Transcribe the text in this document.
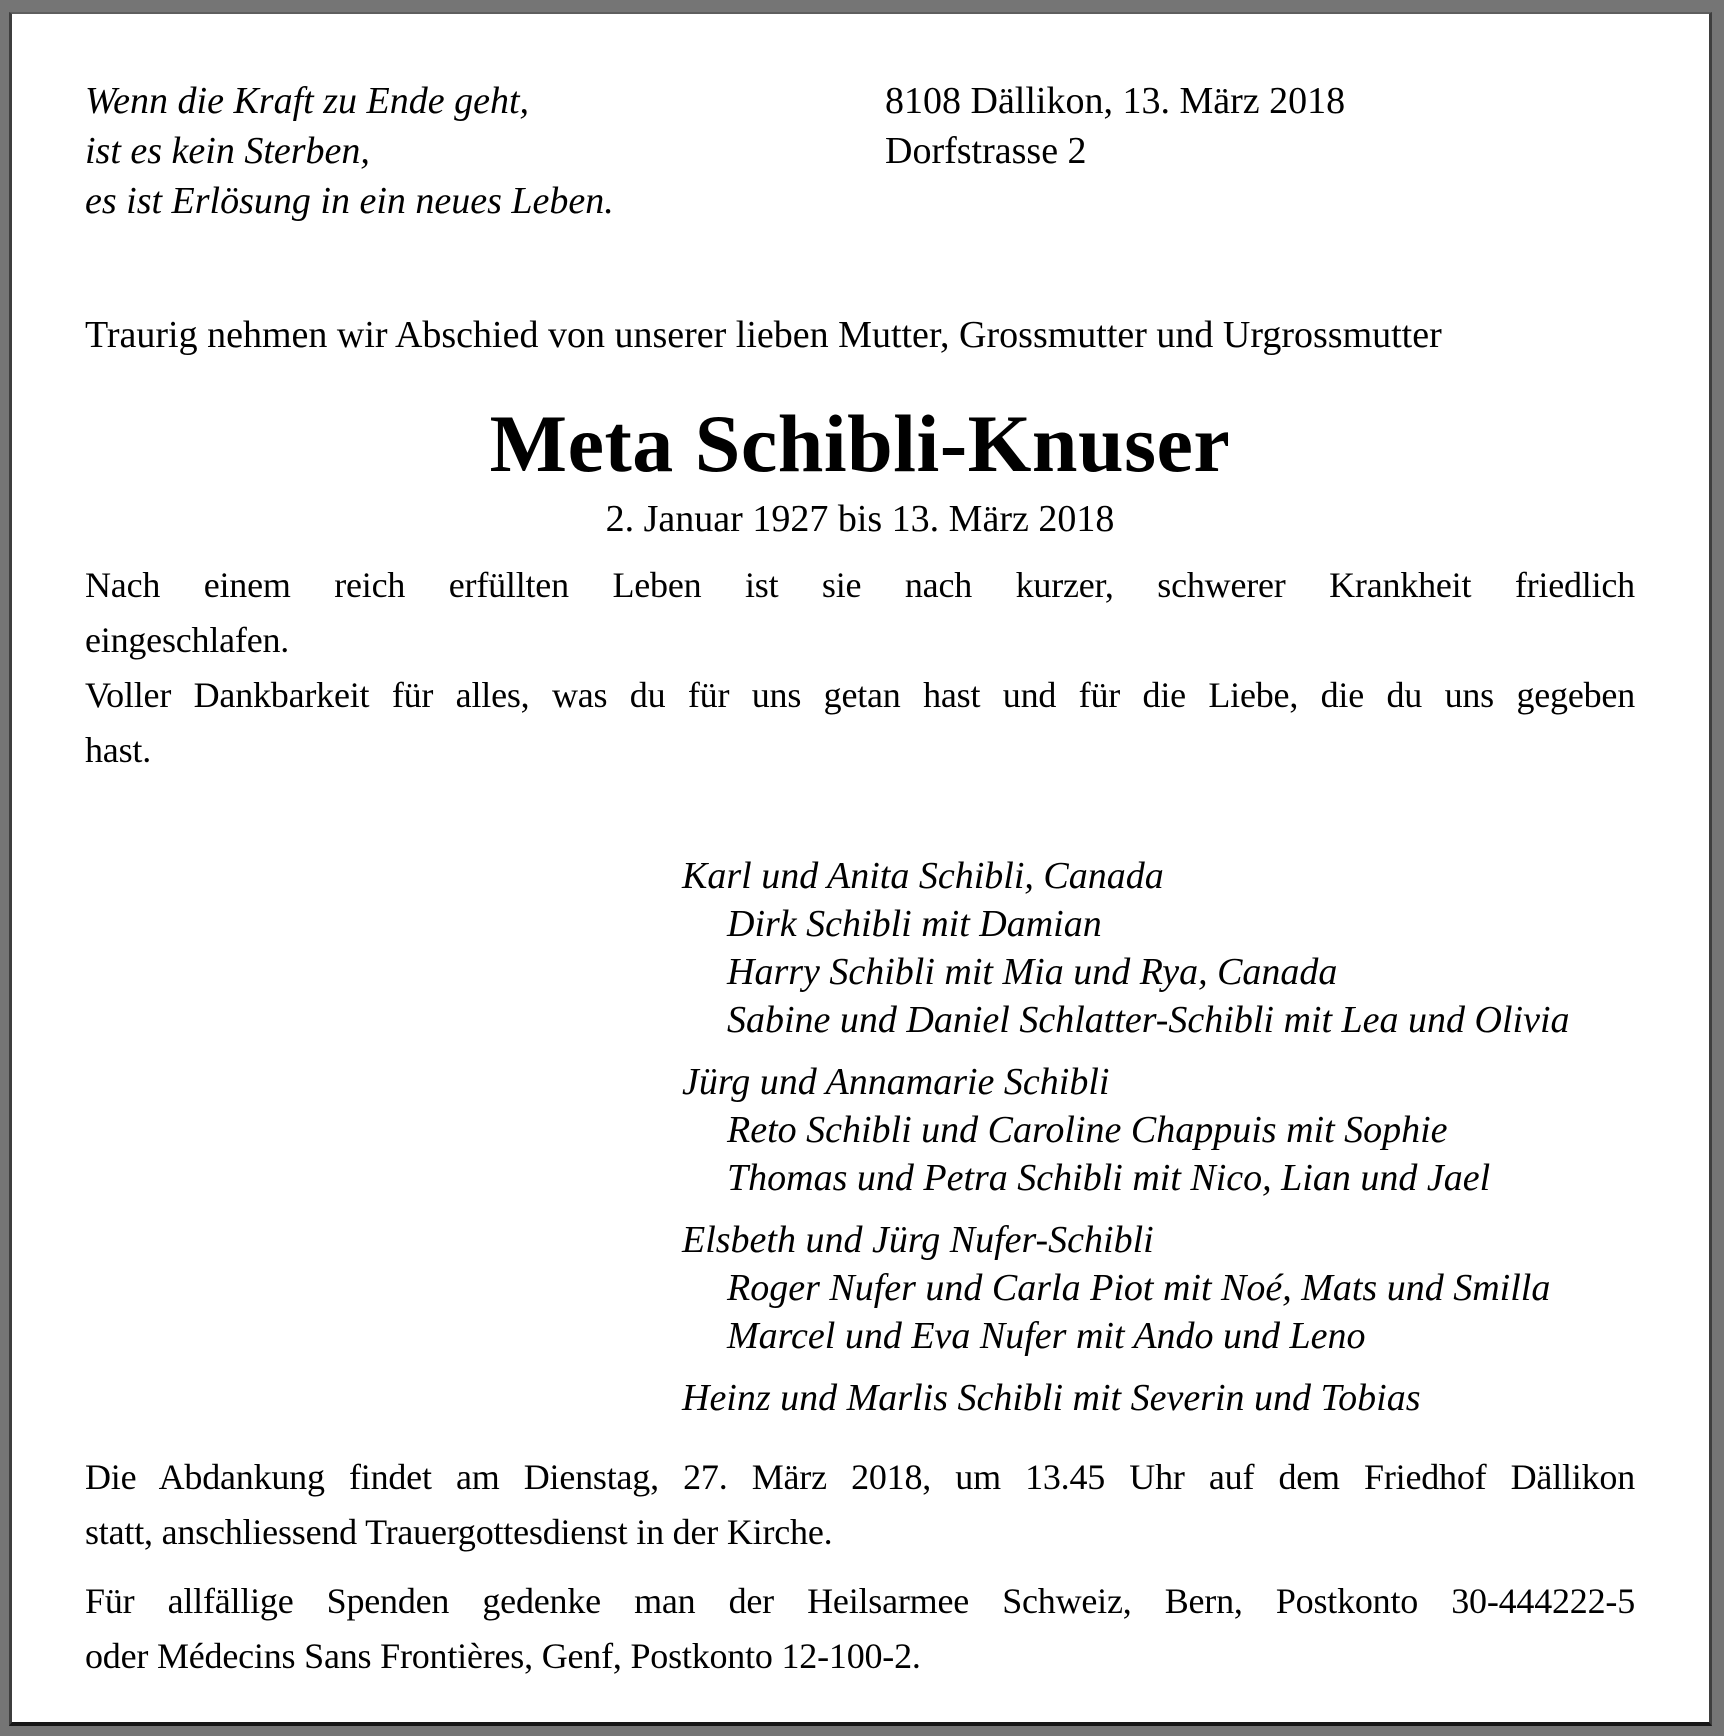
Wenn die Kraft zu Ende geht,
ist es kein Sterben,
es ist Erlösung in ein neues Leben.
8108 Dällikon, 13. März 2018
Dorfstrasse 2
Traurig nehmen wir Abschied von unserer lieben Mutter, Grossmutter und Urgrossmutter
Meta Schibli-Knuser
2. Januar 1927 bis 13. März 2018
Nach einem reich erfüllten Leben ist sie nach kurzer, schwerer Krankheit friedlich
eingeschlafen.
Voller Dankbarkeit für alles, was du für uns getan hast und für die Liebe, die du uns gegeben
hast.
Karl und Anita Schibli, Canada
Dirk Schibli mit Damian
Harry Schibli mit Mia und Rya, Canada
Sabine und Daniel Schlatter-Schibli mit Lea und Olivia
Jürg und Annamarie Schibli
Reto Schibli und Caroline Chappuis mit Sophie
Thomas und Petra Schibli mit Nico, Lian und Jael
Elsbeth und Jürg Nufer-Schibli
Roger Nufer und Carla Piot mit Noé, Mats und Smilla
Marcel und Eva Nufer mit Ando und Leno
Heinz und Marlis Schibli mit Severin und Tobias
Die Abdankung findet am Dienstag, 27. März 2018, um 13.45 Uhr auf dem Friedhof Dällikon
statt, anschliessend Trauergottesdienst in der Kirche.
Für allfällige Spenden gedenke man der Heilsarmee Schweiz, Bern, Postkonto 30-444222-5
oder Médecins Sans Frontières, Genf, Postkonto 12-100-2.
